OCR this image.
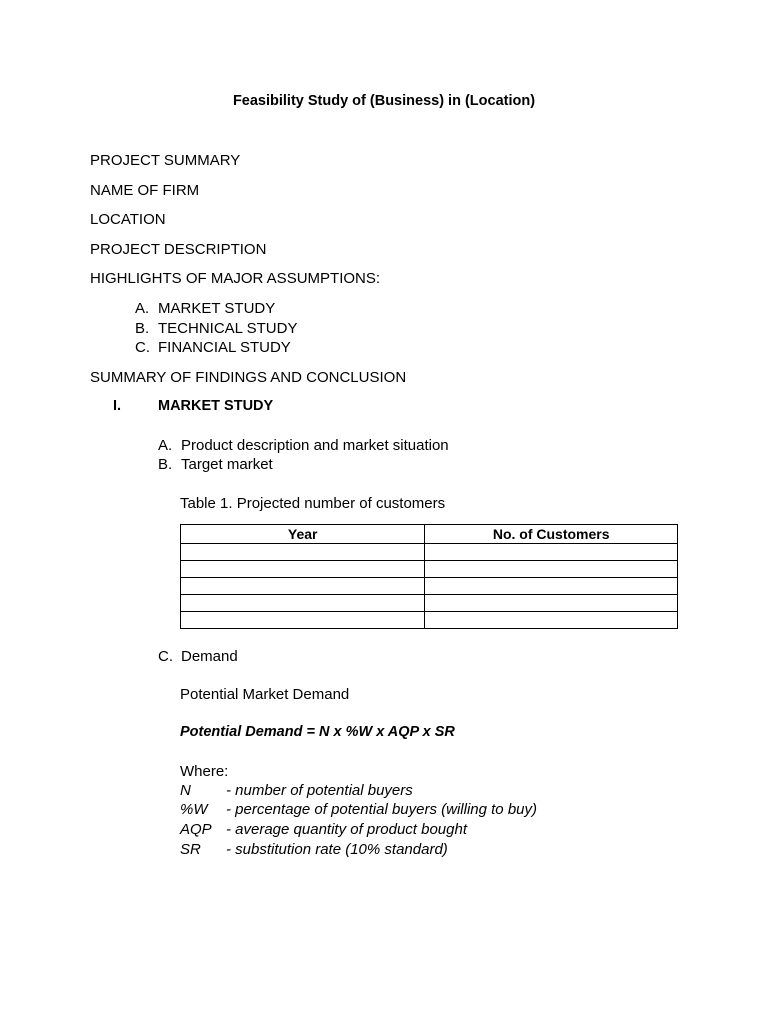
Feasibility Study of (Business) in (Location)

PROJECT SUMMARY

NAME OF FIRM

LOCATION

PROJECT DESCRIPTION

HIGHLIGHTS OF MAJOR ASSUMPTIONS:

A. MARKET STUDY
B. TECHNICAL STUDY
C. FINANCIAL STUDY

SUMMARY OF FINDINGS AND CONCLUSION

I.	MARKET STUDY
A. Product description and market situation
B. Target market
Table 1. Projected number of customers
Year	No. of Customers

C. Demand
Potential Market Demand
Potential Demand = N x %W x AQP x SR
Where:
N - number of potential buyers
%W - percentage of potential buyers (willing to buy)
AQP - average quantity of product bought
SR - substitution rate (10% standard)
